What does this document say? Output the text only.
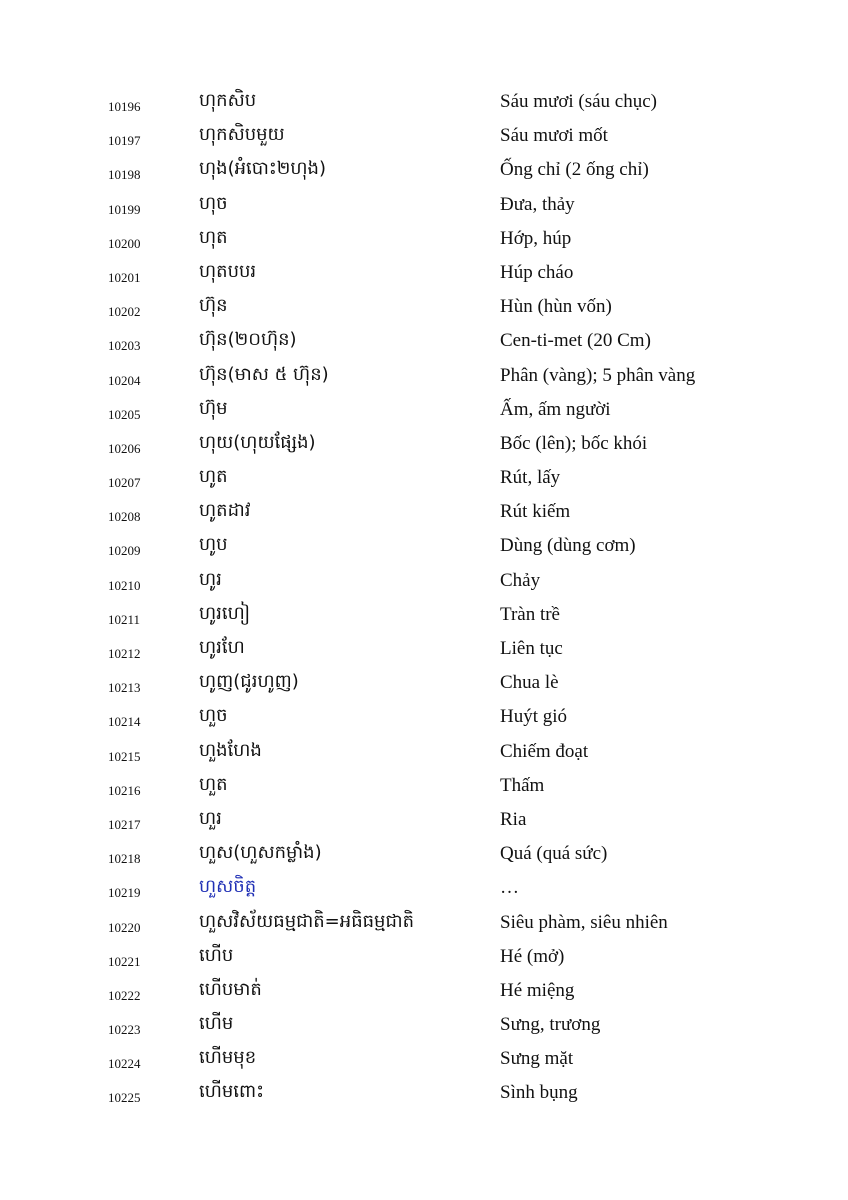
10196	ហុកសិប	Sáu mươi (sáu chục)
10197	ហុកសិបមួយ	Sáu mươi mốt
10198	ហុង(អំបោះ២ហុង)	Ống chỉ (2 ống chỉ)
10199	ហុច	Đưa, thảy
10200	ហុត	Hớp, húp
10201	ហុតបបរ	Húp cháo
10202	ហ៊ុន	Hùn (hùn vốn)
10203	ហ៊ុន(២០ហ៊ុន)	Cen-ti-met (20 Cm)
10204	ហ៊ុន(មាស ៥ ហ៊ុន)	Phân (vàng); 5 phân vàng
10205	ហ៊ុម	Ấm, ấm người
10206	ហុយ(ហុយផ្សែង)	Bốc (lên); bốc khói
10207	ហូត	Rút, lấy
10208	ហូតដាវ	Rút kiếm
10209	ហូប	Dùng (dùng cơm)
10210	ហូរ	Chảy
10211	ហូរហៀ	Tràn trề
10212	ហូរហែ	Liên tục
10213	ហូញ(ជូរហូញ)	Chua lè
10214	ហួច	Huýt gió
10215	ហួងហែង	Chiếm đoạt
10216	ហួត	Thấm
10217	ហួរ	Ria
10218	ហួស(ហួសកម្លាំង)	Quá (quá sức)
10219	ហួសចិត្ត	…
10220	ហួសវិស័យធម្មជាតិ=អធិធម្មជាតិ	Siêu phàm, siêu nhiên
10221	ហើប	Hé (mở)
10222	ហើបមាត់	Hé miệng
10223	ហើម	Sưng, trương
10224	ហើមមុខ	Sưng mặt
10225	ហើមពោះ	Sình bụng
